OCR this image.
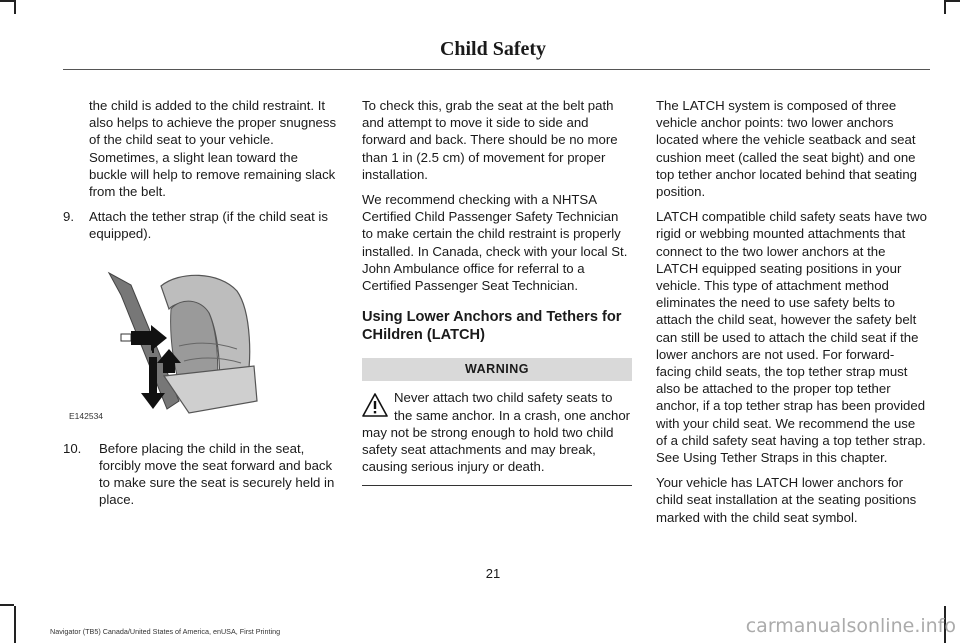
Child Safety

the child is added to the child restraint. It also helps to achieve the proper snugness of the child seat to your vehicle. Sometimes, a slight lean toward the buckle will help to remove remaining slack from the belt.

9.	Attach the tether strap (if the child seat is equipped).
E142534
10.	Before placing the child in the seat, forcibly move the seat forward and back to make sure the seat is securely held in place.

To check this, grab the seat at the belt path and attempt to move it side to side and forward and back. There should be no more than 1 in (2.5 cm) of movement for proper installation.

We recommend checking with a NHTSA Certified Child Passenger Safety Technician to make certain the child restraint is properly installed. In Canada, check with your local St. John Ambulance office for referral to a Certified Passenger Seat Technician.

Using Lower Anchors and Tethers for CHildren (LATCH)
WARNING
Never attach two child safety seats to the same anchor. In a crash, one anchor may not be strong enough to hold two child safety seat attachments and may break, causing serious injury or death.

The LATCH system is composed of three vehicle anchor points: two lower anchors located where the vehicle seatback and seat cushion meet (called the seat bight) and one top tether anchor located behind that seating position.

LATCH compatible child safety seats have two rigid or webbing mounted attachments that connect to the two lower anchors at the LATCH equipped seating positions in your vehicle. This type of attachment method eliminates the need to use safety belts to attach the child seat, however the safety belt can still be used to attach the child seat if the lower anchors are not used. For forward-facing child seats, the top tether strap must also be attached to the proper top tether anchor, if a top tether strap has been provided with your child seat. We recommend the use of a child safety seat having a top tether strap. See Using Tether Straps in this chapter.

Your vehicle has LATCH lower anchors for child seat installation at the seating positions marked with the child seat symbol.

21
Navigator (TB5) Canada/United States of America, enUSA, First Printing	carmanualsonline.info
